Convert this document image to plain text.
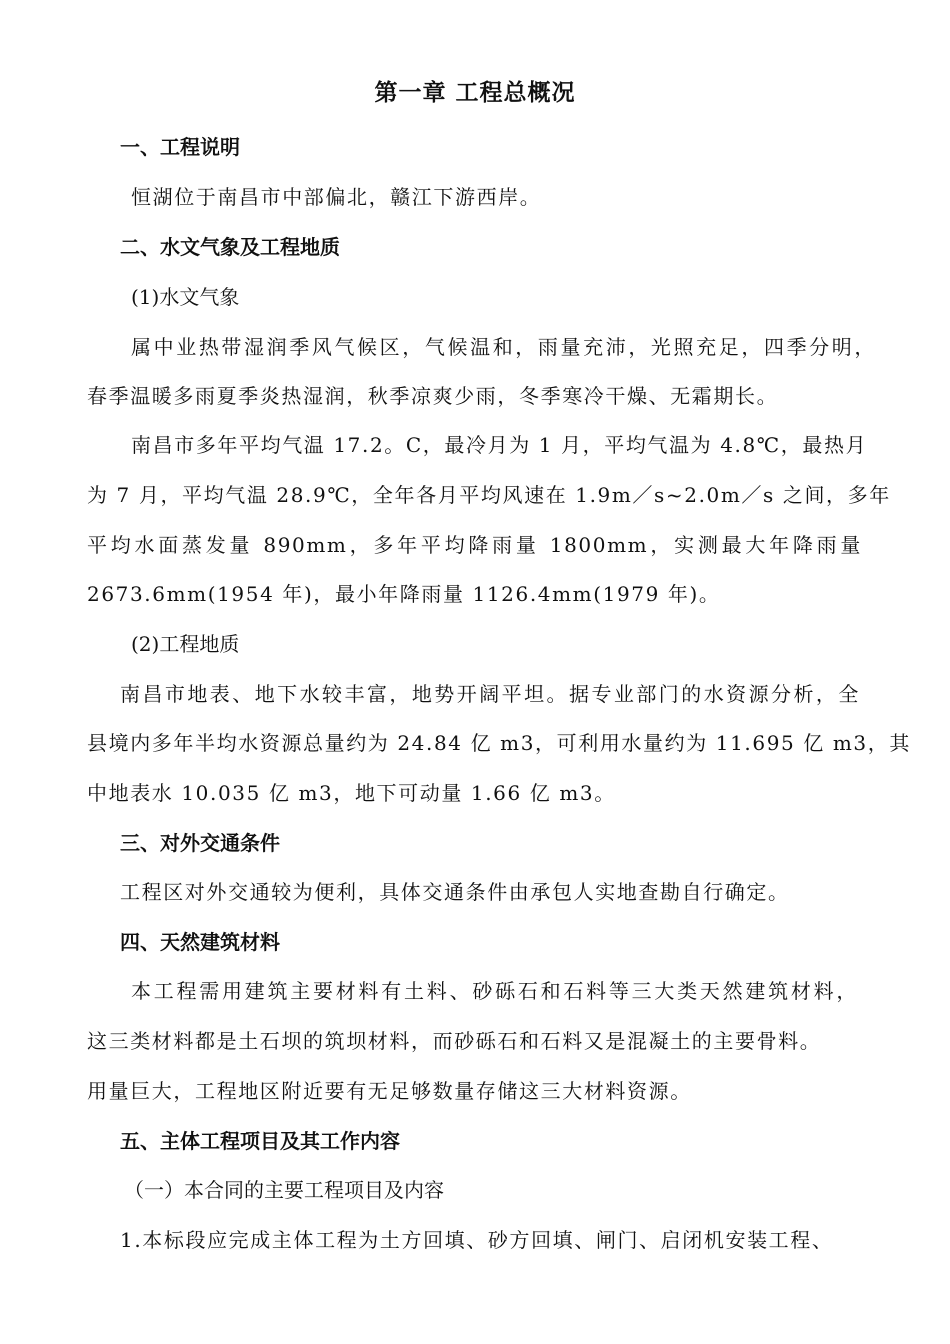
第一章 工程总概况
一、工程说明
恒湖位于南昌市中部偏北，赣江下游西岸。
二、水文气象及工程地质
(1)水文气象
属中业热带湿润季风气候区，气候温和，雨量充沛，光照充足，四季分明，
春季温暖多雨夏季炎热湿润，秋季凉爽少雨，冬季寒冷干燥、无霜期长。
南昌市多年平均气温 17.2。C，最冷月为 1 月，平均气温为 4.8℃，最热月
为 7 月，平均气温 28.9℃，全年各月平均风速在 1.9m／s~2.0m／s 之间，多年
平均水面蒸发量 890mm，多年平均降雨量 1800mm，实测最大年降雨量
2673.6mm(1954 年)，最小年降雨量 1126.4mm(1979 年)。
(2)工程地质
南昌市地表、地下水较丰富，地势开阔平坦。据专业部门的水资源分析，全
县境内多年半均水资源总量约为 24.84 亿 m3，可利用水量约为 11.695 亿 m3，其
中地表水 10.035 亿 m3，地下可动量 1.66 亿 m3。
三、对外交通条件
工程区对外交通较为便利，具体交通条件由承包人实地查勘自行确定。
四、天然建筑材料
本工程需用建筑主要材料有土料、砂砾石和石料等三大类天然建筑材料，
这三类材料都是土石坝的筑坝材料，而砂砾石和石料又是混凝土的主要骨料。
用量巨大，工程地区附近要有无足够数量存储这三大材料资源。
五、主体工程项目及其工作内容
（一）本合同的主要工程项目及内容
1.本标段应完成主体工程为土方回填、砂方回填、闸门、启闭机安装工程、
